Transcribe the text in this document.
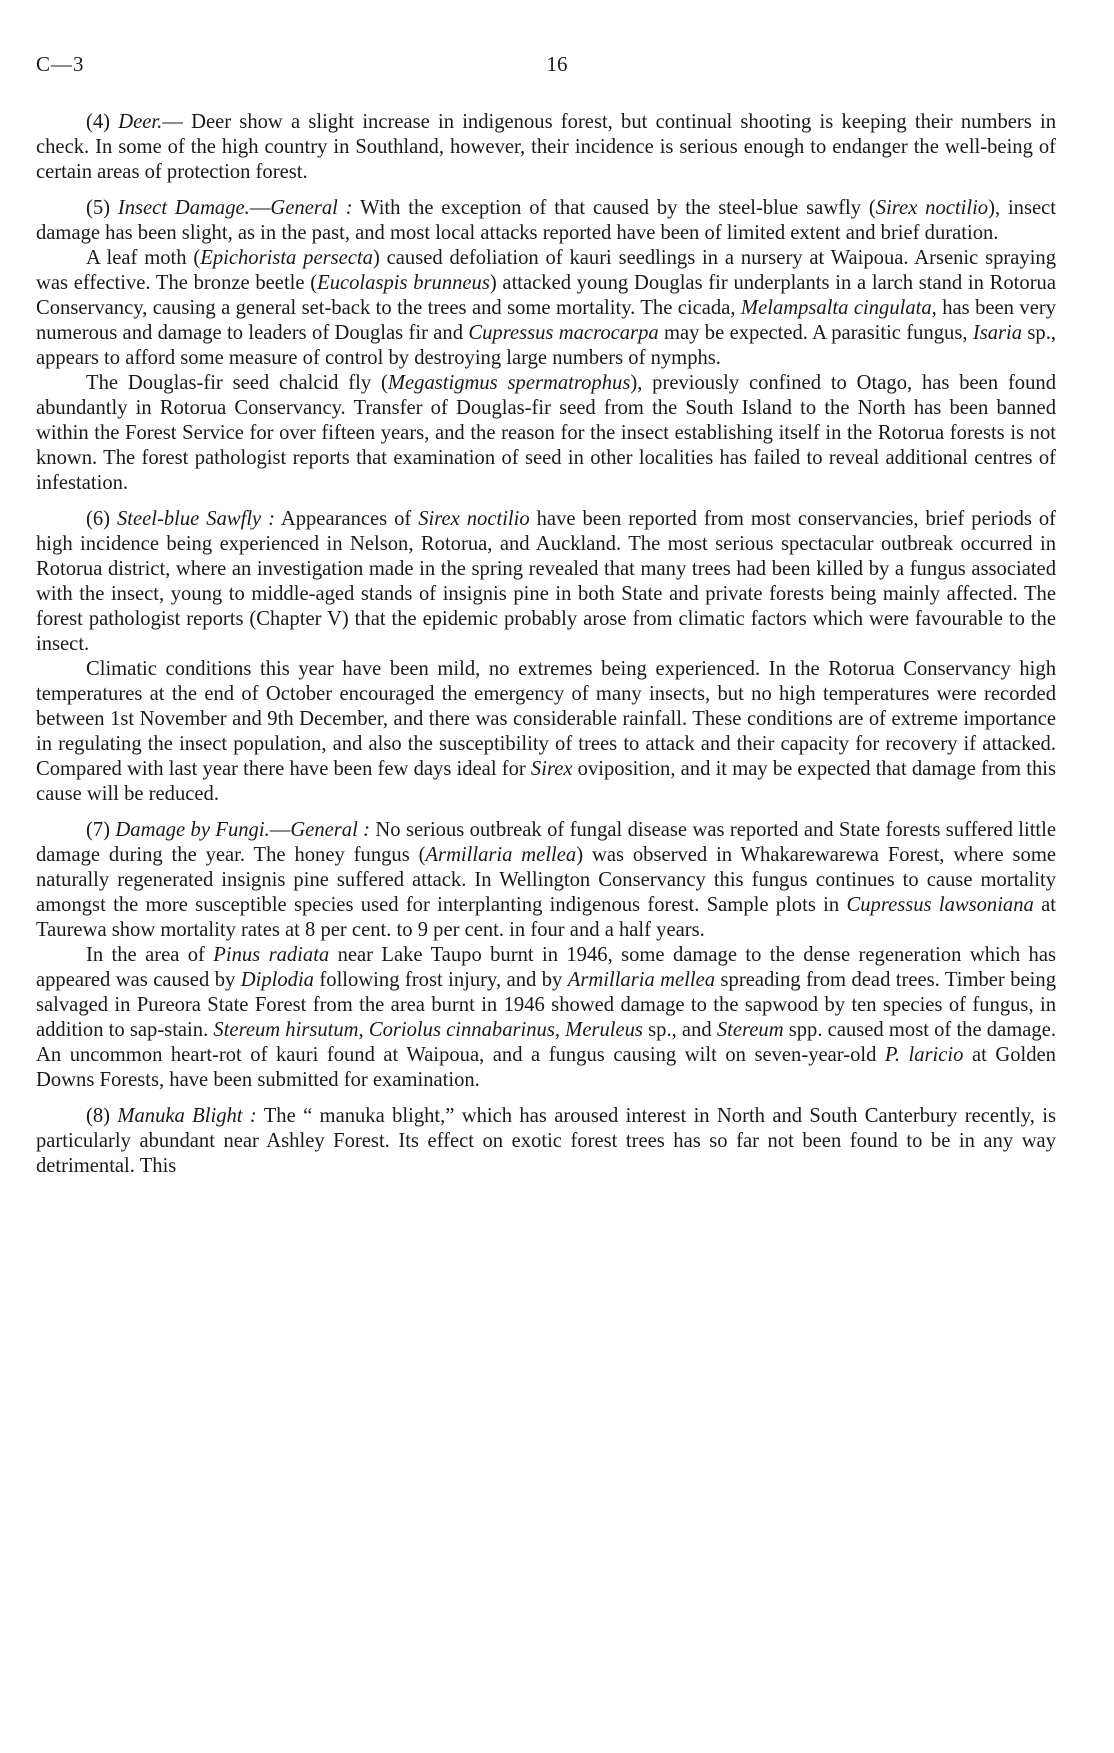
C—3	16

(4) Deer.— Deer show a slight increase in indigenous forest, but continual shooting is keeping their numbers in check. In some of the high country in Southland, however, their incidence is serious enough to endanger the well-being of certain areas of protection forest.

(5) Insect Damage.—General : With the exception of that caused by the steel-blue sawfly (Sirex noctilio), insect damage has been slight, as in the past, and most local attacks reported have been of limited extent and brief duration.

A leaf moth (Epichorista persecta) caused defoliation of kauri seedlings in a nursery at Waipoua. Arsenic spraying was effective. The bronze beetle (Eucolaspis brunneus) attacked young Douglas fir underplants in a larch stand in Rotorua Conservancy, causing a general set-back to the trees and some mortality. The cicada, Melampsalta cingulata, has been very numerous and damage to leaders of Douglas fir and Cupressus macrocarpa may be expected. A parasitic fungus, Isaria sp., appears to afford some measure of control by destroying large numbers of nymphs.

The Douglas-fir seed chalcid fly (Megastigmus spermatrophus), previously confined to Otago, has been found abundantly in Rotorua Conservancy. Transfer of Douglas-fir seed from the South Island to the North has been banned within the Forest Service for over fifteen years, and the reason for the insect establishing itself in the Rotorua forests is not known. The forest pathologist reports that examination of seed in other localities has failed to reveal additional centres of infestation.

(6) Steel-blue Sawfly : Appearances of Sirex noctilio have been reported from most conservancies, brief periods of high incidence being experienced in Nelson, Rotorua, and Auckland. The most serious spectacular outbreak occurred in Rotorua district, where an investigation made in the spring revealed that many trees had been killed by a fungus associated with the insect, young to middle-aged stands of insignis pine in both State and private forests being mainly affected. The forest pathologist reports (Chapter V) that the epidemic probably arose from climatic factors which were favourable to the insect.

Climatic conditions this year have been mild, no extremes being experienced. In the Rotorua Conservancy high temperatures at the end of October encouraged the emergency of many insects, but no high temperatures were recorded between 1st November and 9th December, and there was considerable rainfall. These conditions are of extreme importance in regulating the insect population, and also the susceptibility of trees to attack and their capacity for recovery if attacked. Compared with last year there have been few days ideal for Sirex oviposition, and it may be expected that damage from this cause will be reduced.

(7) Damage by Fungi.—General : No serious outbreak of fungal disease was reported and State forests suffered little damage during the year. The honey fungus (Armillaria mellea) was observed in Whakarewarewa Forest, where some naturally regenerated insignis pine suffered attack. In Wellington Conservancy this fungus continues to cause mortality amongst the more susceptible species used for interplanting indigenous forest. Sample plots in Cupressus lawsoniana at Taurewa show mortality rates at 8 per cent. to 9 per cent. in four and a half years.

In the area of Pinus radiata near Lake Taupo burnt in 1946, some damage to the dense regeneration which has appeared was caused by Diplodia following frost injury, and by Armillaria mellea spreading from dead trees. Timber being salvaged in Pureora State Forest from the area burnt in 1946 showed damage to the sapwood by ten species of fungus, in addition to sap-stain. Stereum hirsutum, Coriolus cinnabarinus, Meruleus sp., and Stereum spp. caused most of the damage. An uncommon heart-rot of kauri found at Waipoua, and a fungus causing wilt on seven-year-old P. laricio at Golden Downs Forests, have been submitted for examination.

(8) Manuka Blight : The “ manuka blight,” which has aroused interest in North and South Canterbury recently, is particularly abundant near Ashley Forest. Its effect on exotic forest trees has so far not been found to be in any way detrimental. This
